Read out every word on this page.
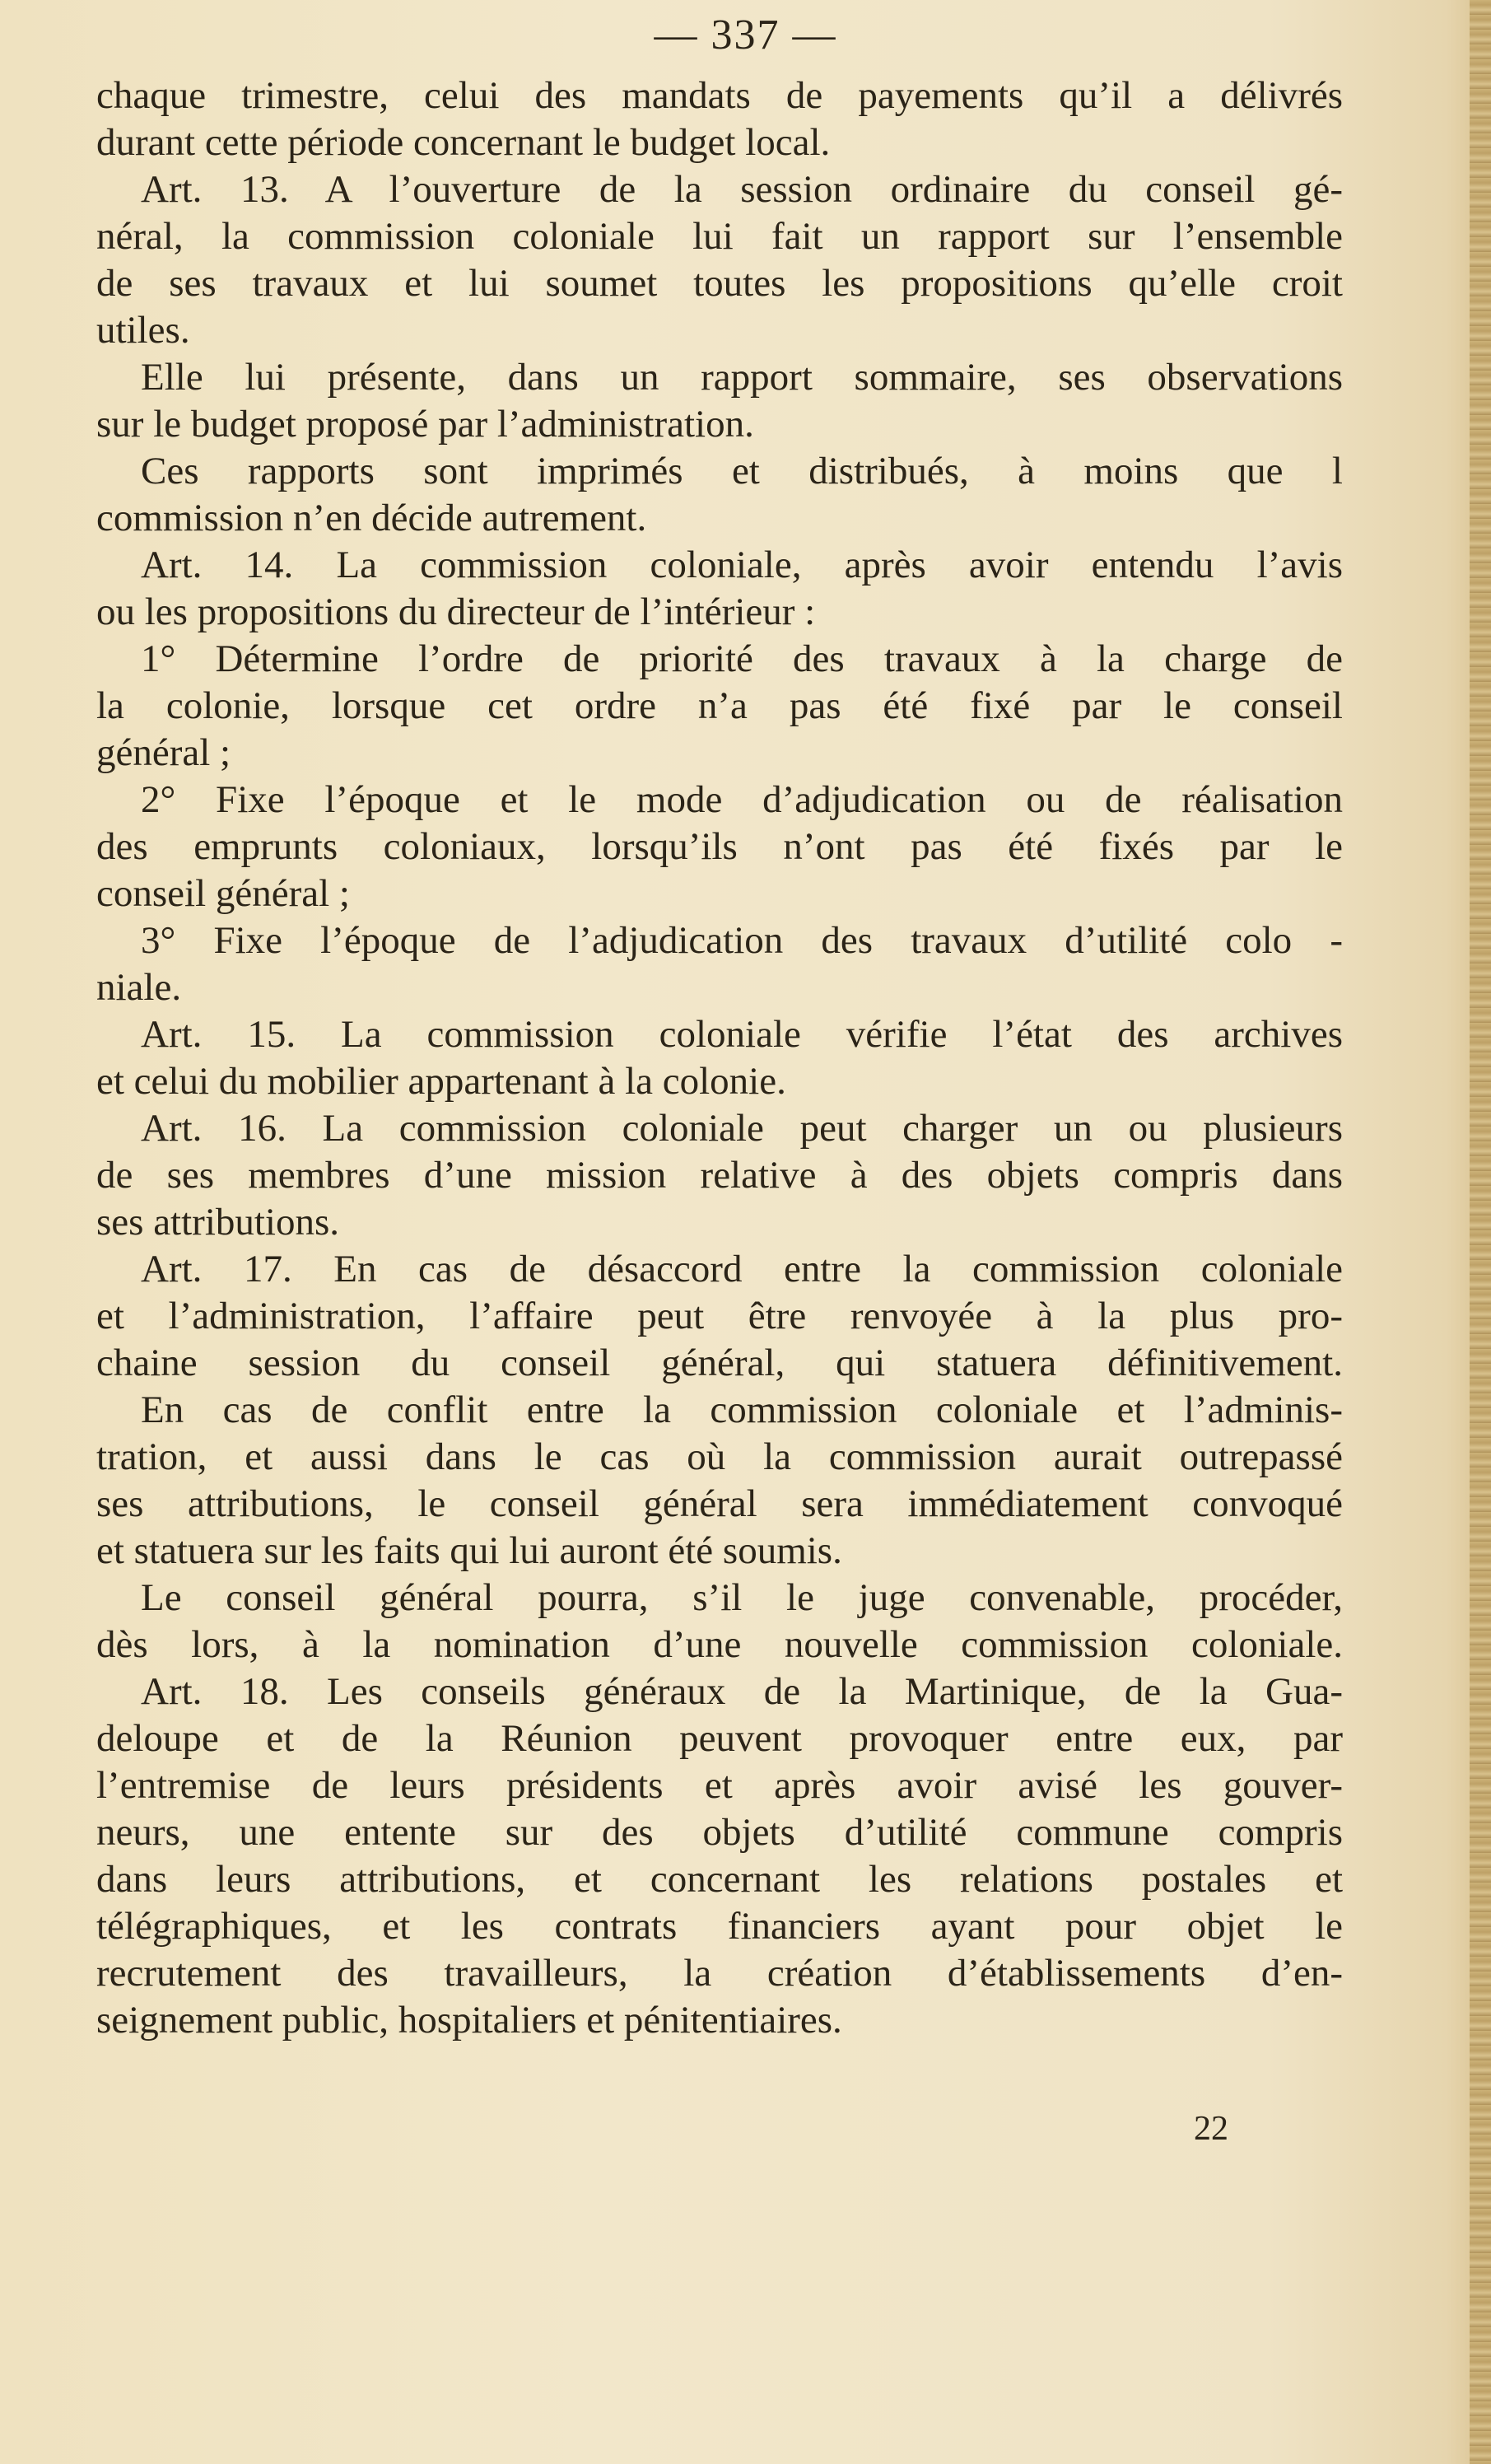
— 337 —
chaque trimestre, celui des mandats de payements qu’il a délivrés
durant cette période concernant le budget local.
Art. 13. A l’ouverture de la session ordinaire du conseil gé-
néral, la commission coloniale lui fait un rapport sur l’ensemble
de ses travaux et lui soumet toutes les propositions qu’elle croit
utiles.
Elle lui présente, dans un rapport sommaire, ses observations
sur le budget proposé par l’administration.
Ces rapports sont imprimés et distribués, à moins que l
commission n’en décide autrement.
Art. 14. La commission coloniale, après avoir entendu l’avis
ou les propositions du directeur de l’intérieur :
1° Détermine l’ordre de priorité des travaux à la charge de
la colonie, lorsque cet ordre n’a pas été fixé par le conseil
général ;
2° Fixe l’époque et le mode d’adjudication ou de réalisation
des emprunts coloniaux, lorsqu’ils n’ont pas été fixés par le
conseil général ;
3° Fixe l’époque de l’adjudication des travaux d’utilité colo -
niale.
Art. 15. La commission coloniale vérifie l’état des archives
et celui du mobilier appartenant à la colonie.
Art. 16. La commission coloniale peut charger un ou plusieurs
de ses membres d’une mission relative à des objets compris dans
ses attributions.
Art. 17. En cas de désaccord entre la commission coloniale
et l’administration, l’affaire peut être renvoyée à la plus pro-
chaine session du conseil général, qui statuera définitivement.
En cas de conflit entre la commission coloniale et l’adminis-
tration, et aussi dans le cas où la commission aurait outrepassé
ses attributions, le conseil général sera immédiatement convoqué
et statuera sur les faits qui lui auront été soumis.
Le conseil général pourra, s’il le juge convenable, procéder,
dès lors, à la nomination d’une nouvelle commission coloniale.
Art. 18. Les conseils généraux de la Martinique, de la Gua-
deloupe et de la Réunion peuvent provoquer entre eux, par
l’entremise de leurs présidents et après avoir avisé les gouver-
neurs, une entente sur des objets d’utilité commune compris
dans leurs attributions, et concernant les relations postales et
télégraphiques, et les contrats financiers ayant pour objet le
recrutement des travailleurs, la création d’établissements d’en-
seignement public, hospitaliers et pénitentiaires.
22
